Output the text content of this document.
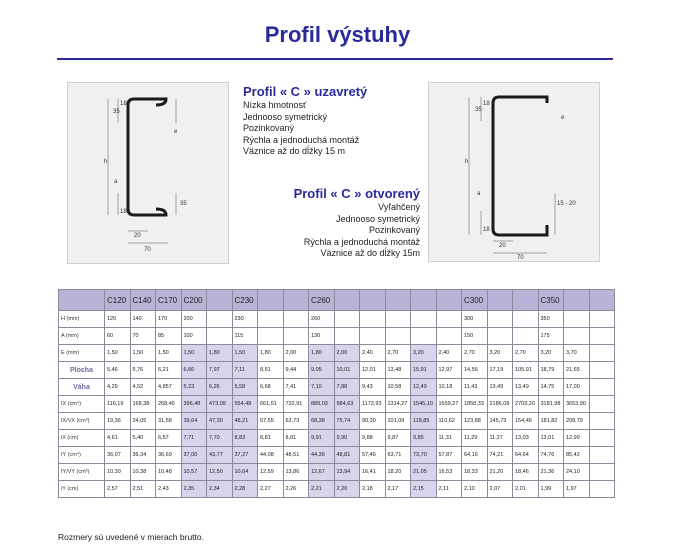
Profil výstuhy
35
h
a
35
e
20
70
18
18
35
h
a
15 - 20
e
20
70
18
18
Profil « C » uzavretý
Nízka hmotnosť
Jednooso symetrický
Pozinkovaný
Rýchla a jednoduchá montáž
Väznice až do dĺžky 15 m
Profil « C » otvorený
Vyľahčený
Jednooso symetrický
Pozinkovaný
Rýchla a jednoduchá montáž
Väznice až do dĺžky 15m
	C120	C140	C170	C200		C230			C260						C300			C350		
H (mm)	120	140	170	200		230			260						300			350		
A (mm)	60	70	85	100		115			130						150			175		
E (mm)	1,50	1,50	1,50	1,50	1,80	1,50	1,80	2,00	1,80	2,00	2,40	2,70	3,20	2,40	2,70	3,20	2,70	3,20	3,70	
Plocha	5,46	5,76	6,21	6,66	7,97	7,11	8,51	9,44	9,05	10,01	12,01	13,48	15,91	12,97	14,56	17,19	105,91	18,79	21,65	
Váha	4,29	4,52	4,857	5,23	6,26	5,58	6,68	7,41	7,10	7,88	9,43	10,58	12,49	10,18	11,43	13,49	13,49	14,75	17,00	
IX (cm⁴)	116,19	168,38	268,46	396,48	473,09	554,48	661,51	732,91	889,03	984,63	1173,93	1314,27	1545,10	1659,27	1858,33	2186,08	2703,20	3181,98	3653,90	
IX/VX (cm³)	19,36	24,05	31,58	39,64	47,30	48,21	57,55	63,73	68,38	75,74	90,30	101,09	118,85	110,62	123,88	145,73	154,46	181,82	208,79	
iX (cm)	4,61	5,40	6,57	7,71	7,70	8,83	8,81	8,81	9,91	9,90	9,88	9,87	9,85	11,31	11,29	11,27	13,03	13,01	12,99	
IY (cm⁴)	36,07	36,34	36,69	37,00	43,77	37,27	44,08	48,51	44,36	48,81	57,46	63,71	73,70	57,87	64,16	74,21	64,64	74,76	85,42	
IY/VY (cm³)	10,30	10,38	10,48	10,57	12,50	10,64	12,59	13,86	12,67	13,94	16,41	18,20	21,05	16,53	18,33	21,20	18,46	21,36	24,10	
iY (cm)	2,57	2,51	2,43	2,35	2,34	2,28	2,27	2,26	2,21	2,20	2,18	2,17	2,15	2,11	2,10	2,07	2,01	1,99	1,97	
Rozmery sú uvedené v mierach brutto.
